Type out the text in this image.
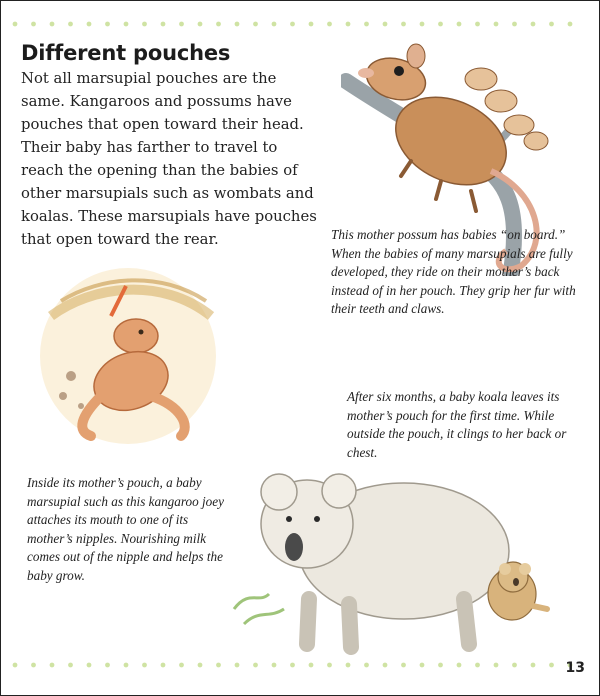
Different pouches

Not all marsupial pouches are the same. Kangaroos and possums have pouches that open toward their head. Their baby has farther to travel to reach the opening than the babies of other marsupials such as wombats and koalas. These marsupials have pouches that open toward the rear.	This mother possum has babies “on board.” When the babies of many marsupials are fully developed, they ride on their mother’s back instead of in her pouch. They grip her fur with their teeth and claws.

After six months, a baby koala leaves its mother’s pouch for the first time. While outside the pouch, it clings to her back or chest.

Inside its mother’s pouch, a baby marsupial such as this kangaroo joey attaches its mouth to one of its mother’s nipples. Nourishing milk comes out of the nipple and helps the baby grow.

13
